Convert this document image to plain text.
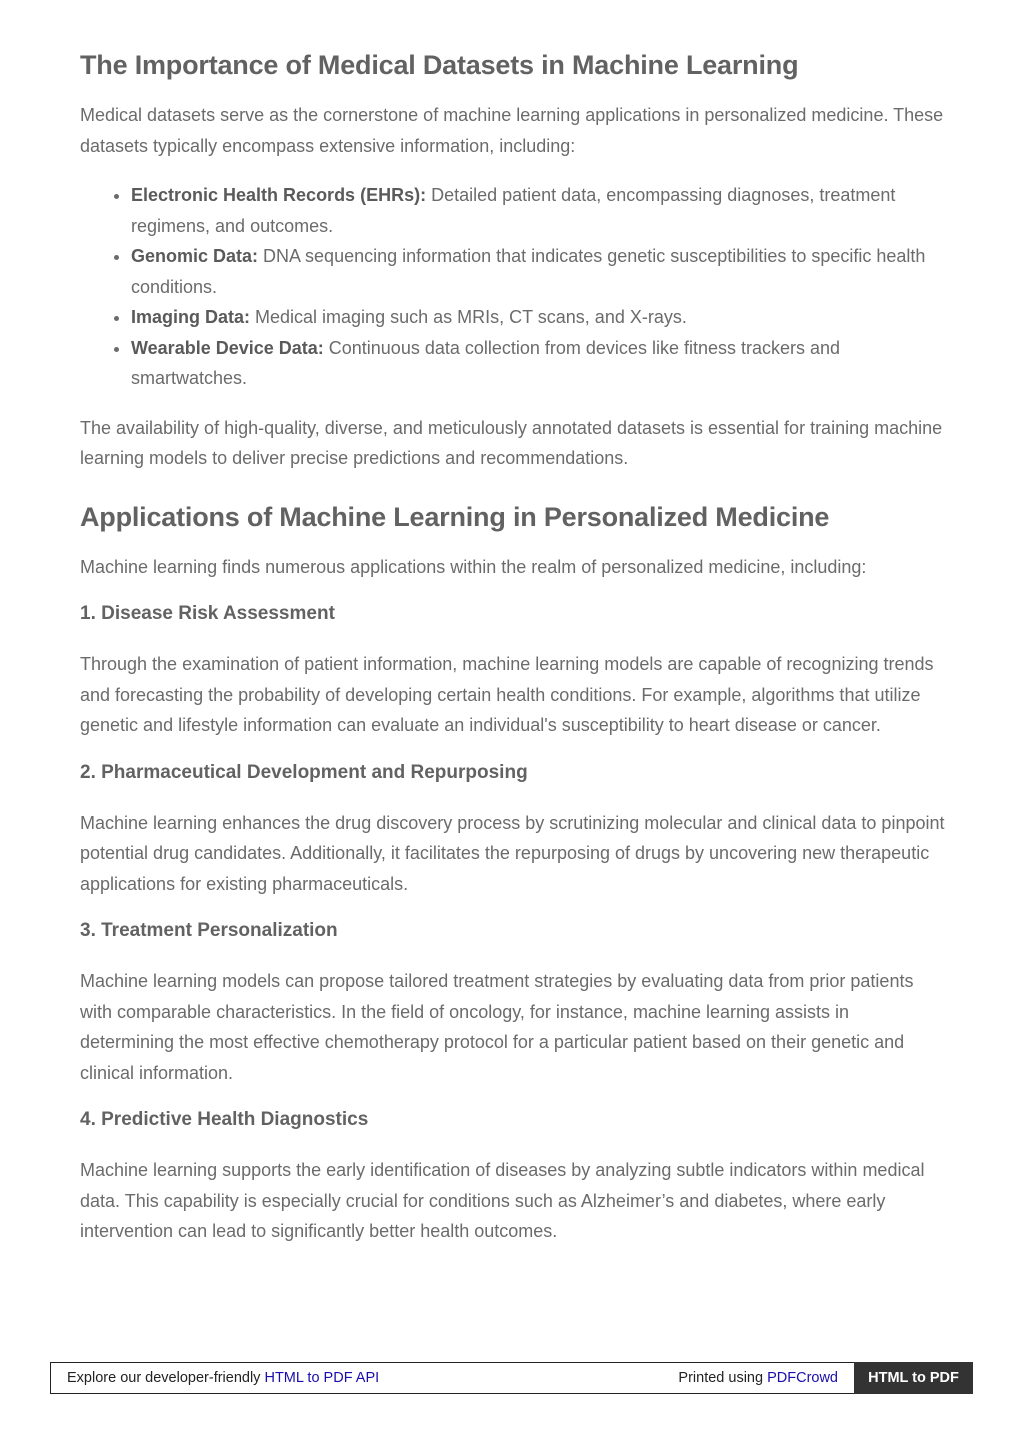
The Importance of Medical Datasets in Machine Learning

Medical datasets serve as the cornerstone of machine learning applications in personalized medicine. These datasets typically encompass extensive information, including:

• Electronic Health Records (EHRs): Detailed patient data, encompassing diagnoses, treatment regimens, and outcomes.
• Genomic Data: DNA sequencing information that indicates genetic susceptibilities to specific health conditions.
• Imaging Data: Medical imaging such as MRIs, CT scans, and X-rays.
• Wearable Device Data: Continuous data collection from devices like fitness trackers and smartwatches.

The availability of high-quality, diverse, and meticulously annotated datasets is essential for training machine learning models to deliver precise predictions and recommendations.

Applications of Machine Learning in Personalized Medicine

Machine learning finds numerous applications within the realm of personalized medicine, including:

1. Disease Risk Assessment

Through the examination of patient information, machine learning models are capable of recognizing trends and forecasting the probability of developing certain health conditions. For example, algorithms that utilize genetic and lifestyle information can evaluate an individual's susceptibility to heart disease or cancer.

2. Pharmaceutical Development and Repurposing

Machine learning enhances the drug discovery process by scrutinizing molecular and clinical data to pinpoint potential drug candidates. Additionally, it facilitates the repurposing of drugs by uncovering new therapeutic applications for existing pharmaceuticals.

3. Treatment Personalization

Machine learning models can propose tailored treatment strategies by evaluating data from prior patients with comparable characteristics. In the field of oncology, for instance, machine learning assists in determining the most effective chemotherapy protocol for a particular patient based on their genetic and clinical information.

4. Predictive Health Diagnostics

Machine learning supports the early identification of diseases by analyzing subtle indicators within medical data. This capability is especially crucial for conditions such as Alzheimer’s and diabetes, where early intervention can lead to significantly better health outcomes.

Explore our developer-friendly HTML to PDF API	Printed using PDFCrowd	HTML to PDF
